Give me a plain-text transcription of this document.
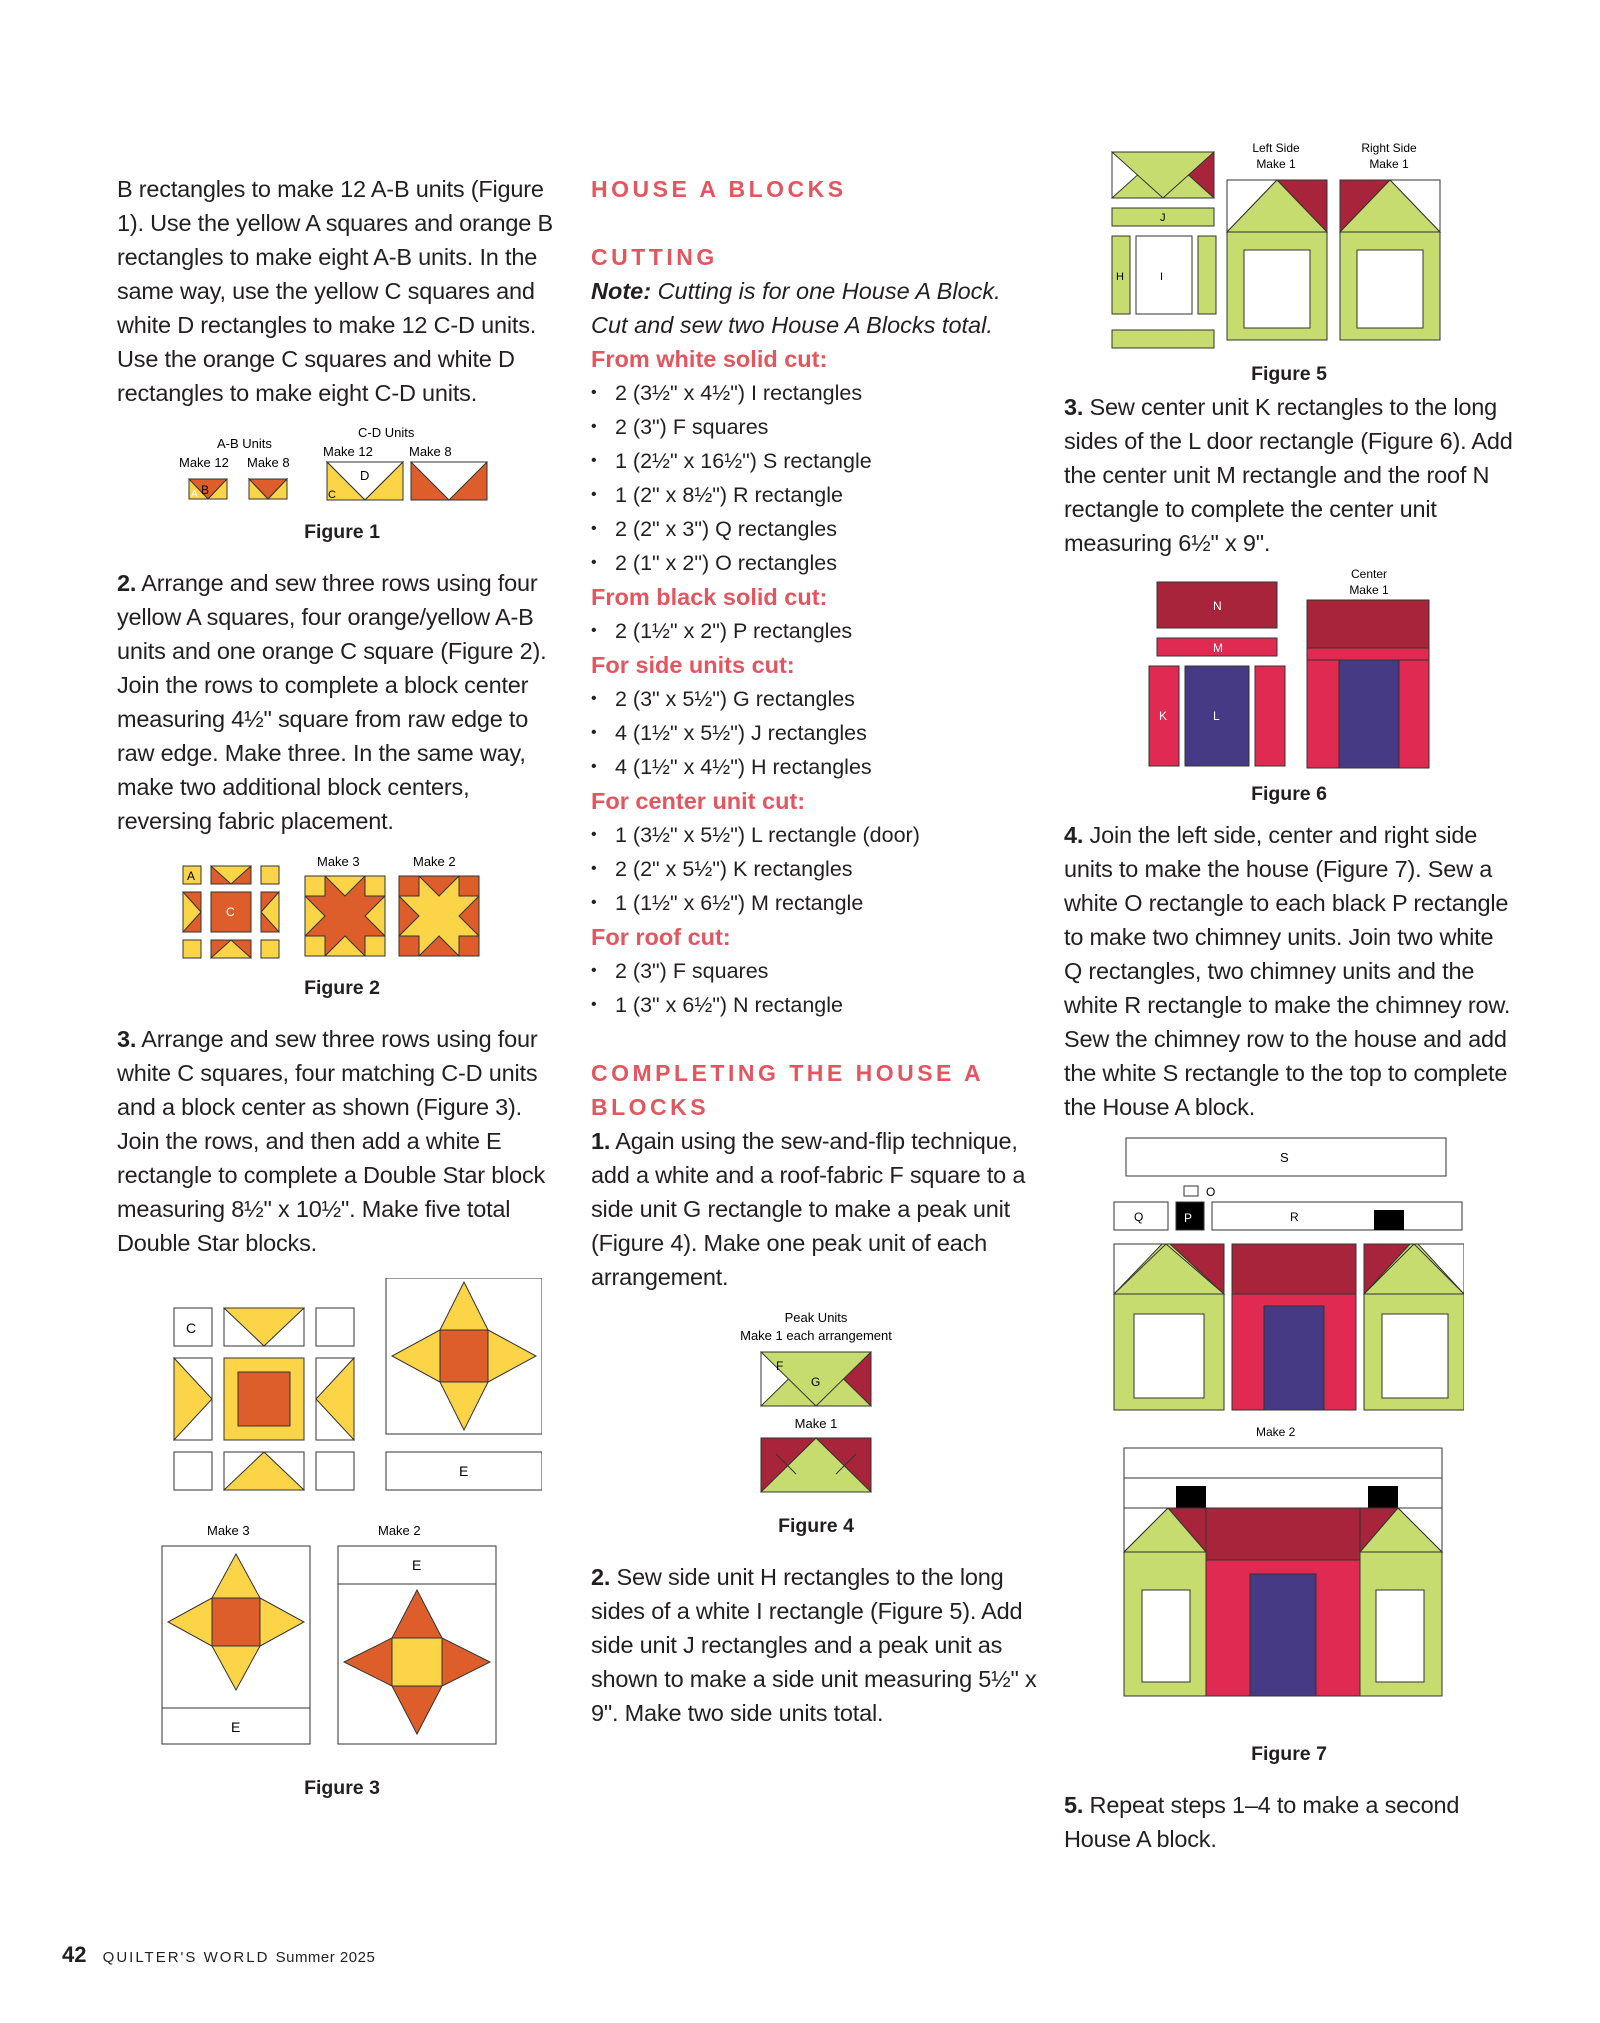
B rectangles to make 12 A-B units (Figure 1). Use the yellow A squares and orange B rectangles to make eight A-B units. In the same way, use the yellow C squares and white D rectangles to make 12 C-D units. Use the orange C squares and white D rectangles to make eight C-D units.

A-B Units
Make 12 Make 8
C-D Units
Make 12	Make 8
B
A
D
C

Figure 1

2. Arrange and sew three rows using four yellow A squares, four orange/yellow A-B units and one orange C square (Figure 2). Join the rows to complete a block center measuring 4½" square from raw edge to raw edge. Make three. In the same way, make two additional block centers, reversing fabric placement.

A
C
Make 3	Make 2

Figure 2

3. Arrange and sew three rows using four white C squares, four matching C-D units and a block center as shown (Figure 3). Join the rows, and then add a white E rectangle to complete a Double Star block measuring 8½" x 10½". Make five total Double Star blocks.

C
E
Make 3	Make 2
E
E

Figure 3

HOUSE A BLOCKS

CUTTING

Note: Cutting is for one House A Block. Cut and sew two House A Blocks total.

From white solid cut:

• 2 (3½" x 4½") I rectangles
• 2 (3") F squares
• 1 (2½" x 16½") S rectangle
• 1 (2" x 8½") R rectangle
• 2 (2" x 3") Q rectangles
• 2 (1" x 2") O rectangles

From black solid cut:

• 2 (1½" x 2") P rectangles

For side units cut:

• 2 (3" x 5½") G rectangles
• 4 (1½" x 5½") J rectangles
• 4 (1½" x 4½") H rectangles

For center unit cut:

• 1 (3½" x 5½") L rectangle (door)
• 2 (2" x 5½") K rectangles
• 1 (1½" x 6½") M rectangle

For roof cut:

• 2 (3") F squares
• 1 (3" x 6½") N rectangle

COMPLETING THE HOUSE A BLOCKS

1. Again using the sew-and-flip technique, add a white and a roof-fabric F square to a side unit G rectangle to make a peak unit (Figure 4). Make one peak unit of each arrangement.

Peak Units
Make 1 each arrangement
F
G
Make 1

Figure 4

2. Sew side unit H rectangles to the long sides of a white I rectangle (Figure 5). Add side unit J rectangles and a peak unit as shown to make a side unit measuring 5½" x 9". Make two side units total.

J
H	I
Left Side
Make 1
Right Side
Make 1

Figure 5

3. Sew center unit K rectangles to the long sides of the L door rectangle (Figure 6). Add the center unit M rectangle and the roof N rectangle to complete the center unit measuring 6½" x 9".

N
M
K	L
Center
Make 1

Figure 6

4. Join the left side, center and right side units to make the house (Figure 7). Sew a white O rectangle to each black P rectangle to make two chimney units. Join two white Q rectangles, two chimney units and the white R rectangle to make the chimney row. Sew the chimney row to the house and add the white S rectangle to the top to complete the House A block.

S
O
Q	P	R
Make 2

Figure 7

5. Repeat steps 1–4 to make a second House A block.

42 QUILTER'S WORLD Summer 2025
